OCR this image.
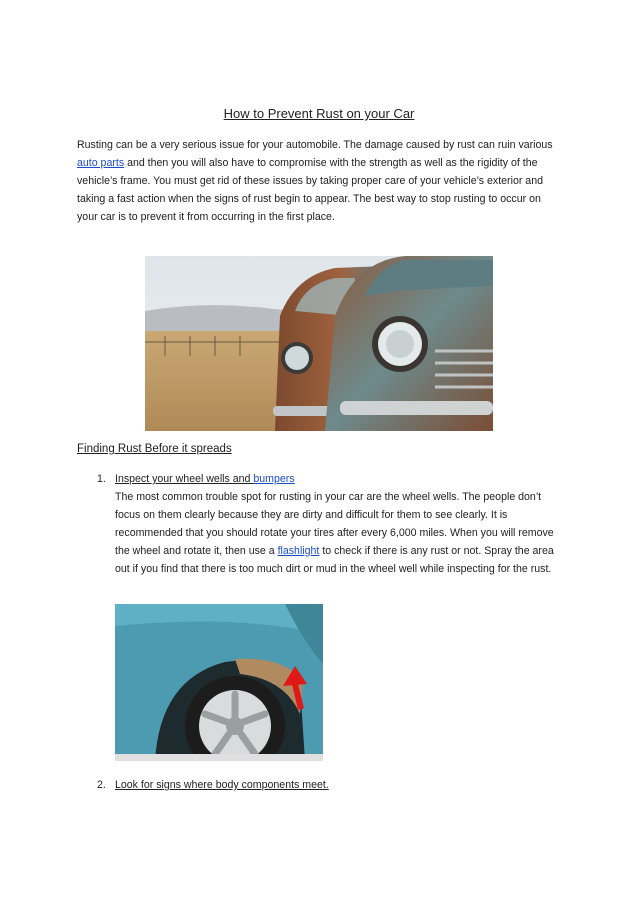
How to Prevent Rust on your Car
Rusting can be a very serious issue for your automobile. The damage caused by rust can ruin various auto parts and then you will also have to compromise with the strength as well as the rigidity of the vehicle’s frame. You must get rid of these issues by taking proper care of your vehicle’s exterior and taking a fast action when the signs of rust begin to appear. The best way to stop rusting to occur on your car is to prevent it from occurring in the first place.
Finding Rust Before it spreads
1. Inspect your wheel wells and bumpers
The most common trouble spot for rusting in your car are the wheel wells. The people don’t focus on them clearly because they are dirty and difficult for them to see clearly. It is recommended that you should rotate your tires after every 6,000 miles. When you will remove the wheel and rotate it, then use a flashlight to check if there is any rust or not. Spray the area out if you find that there is too much dirt or mud in the wheel well while inspecting for the rust.
2. Look for signs where body components meet.
